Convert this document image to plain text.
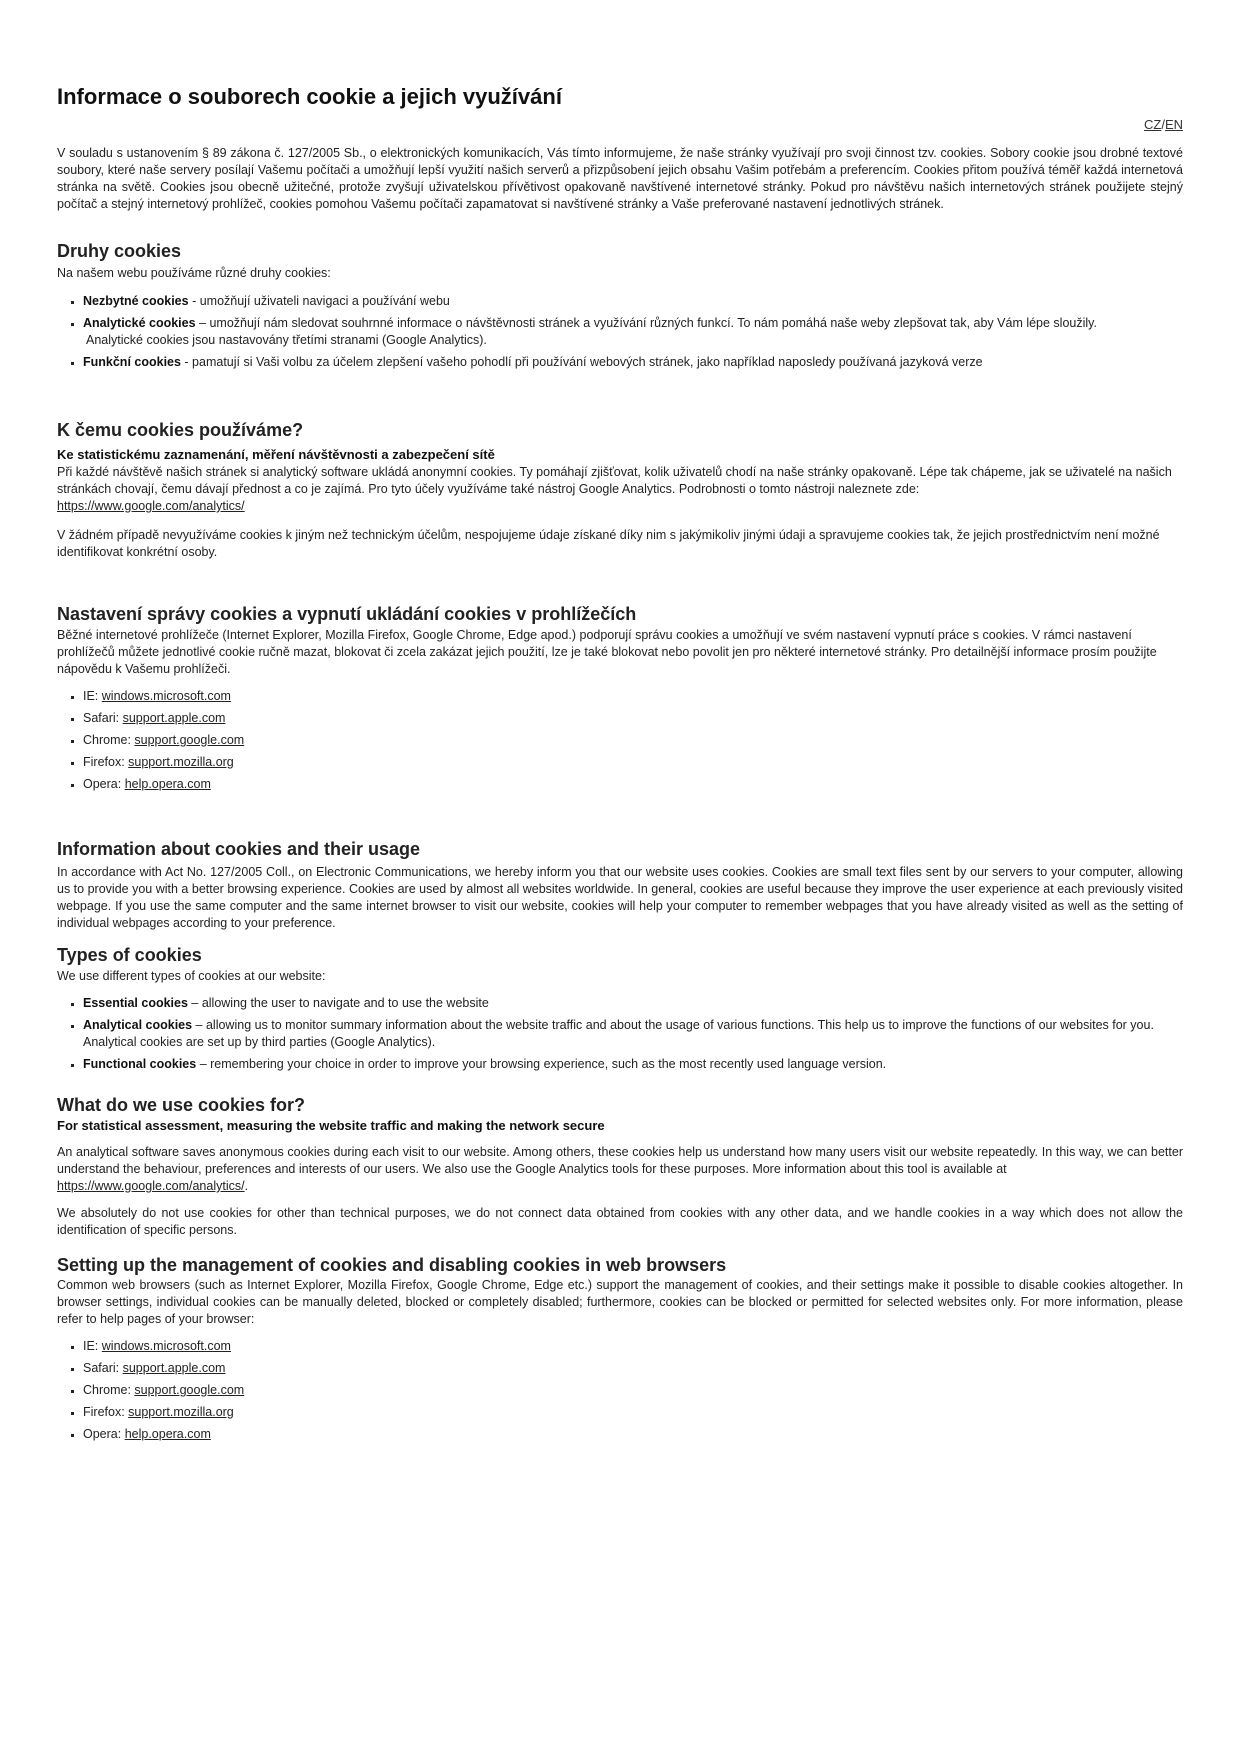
Informace o souborech cookie a jejich využívání
CZ/EN

V souladu s ustanovením § 89 zákona č. 127/2005 Sb., o elektronických komunikacích, Vás tímto informujeme, že naše stránky využívají pro svoji činnost tzv. cookies. Sobory cookie jsou drobné textové soubory, které naše servery posílají Vašemu počítači a umožňují lepší využití našich serverů a přizpůsobení jejich obsahu Vašim potřebám a preferencím. Cookies přitom používá téměř každá internetová stránka na světě. Cookies jsou obecně užitečné, protože zvyšují uživatelskou přívětivost opakovaně navštívené internetové stránky. Pokud pro návštěvu našich internetových stránek použijete stejný počítač a stejný internetový prohlížeč, cookies pomohou Vašemu počítači zapamatovat si navštívené stránky a Vaše preferované nastavení jednotlivých stránek.

Druhy cookies

Na našem webu používáme různé druhy cookies:

▪ Nezbytné cookies - umožňují uživateli navigaci a používání webu
▪ Analytické cookies – umožňují nám sledovat souhrnné informace o návštěvnosti stránek a využívání různých funkcí. To nám pomáhá naše weby zlepšovat tak, aby Vám lépe sloužily.
Analytické cookies jsou nastavovány třetími stranami (Google Analytics).
▪ Funkční cookies - pamatují si Vaši volbu za účelem zlepšení vašeho pohodlí při používání webových stránek, jako například naposledy používaná jazyková verze
K čemu cookies používáme?
Ke statistickému zaznamenání, měření návštěvnosti a zabezpečení sítě

Při každé návštěvě našich stránek si analytický software ukládá anonymní cookies. Ty pomáhají zjišťovat, kolik uživatelů chodí na naše stránky opakovaně. Lépe tak chápeme, jak se uživatelé na našich stránkách chovají, čemu dávají přednost a co je zajímá. Pro tyto účely využíváme také nástroj Google Analytics. Podrobnosti o tomto nástroji naleznete zde:
https://www.google.com/analytics/

V žádném případě nevyužíváme cookies k jiným než technickým účelům, nespojujeme údaje získané díky nim s jakýmikoliv jinými údaji a spravujeme cookies tak, že jejich prostřednictvím není možné identifikovat konkrétní osoby.

Nastavení správy cookies a vypnutí ukládání cookies v prohlížečích

Běžné internetové prohlížeče (Internet Explorer, Mozilla Firefox, Google Chrome, Edge apod.) podporují správu cookies a umožňují ve svém nastavení vypnutí práce s cookies. V rámci nastavení prohlížečů můžete jednotlivé cookie ručně mazat, blokovat či zcela zakázat jejich použití, lze je také blokovat nebo povolit jen pro některé internetové stránky. Pro detailnější informace prosím použijte nápovědu k Vašemu prohlížeči.

▪ IE: windows.microsoft.com
▪ Safari: support.apple.com
▪ Chrome: support.google.com
▪ Firefox: support.mozilla.org
▪ Opera: help.opera.com
Information about cookies and their usage

In accordance with Act No. 127/2005 Coll., on Electronic Communications, we hereby inform you that our website uses cookies. Cookies are small text files sent by our servers to your computer, allowing us to provide you with a better browsing experience. Cookies are used by almost all websites worldwide. In general, cookies are useful because they improve the user experience at each previously visited webpage. If you use the same computer and the same internet browser to visit our website, cookies will help your computer to remember webpages that you have already visited as well as the setting of individual webpages according to your preference.

Types of cookies

We use different types of cookies at our website:

▪ Essential cookies – allowing the user to navigate and to use the website
▪ Analytical cookies – allowing us to monitor summary information about the website traffic and about the usage of various functions. This help us to improve the functions of our websites for you. Analytical cookies are set up by third parties (Google Analytics).
▪ Functional cookies – remembering your choice in order to improve your browsing experience, such as the most recently used language version.
What do we use cookies for?
For statistical assessment, measuring the website traffic and making the network secure

An analytical software saves anonymous cookies during each visit to our website. Among others, these cookies help us understand how many users visit our website repeatedly. In this way, we can better understand the behaviour, preferences and interests of our users. We also use the Google Analytics tools for these purposes. More information about this tool is available at
https://www.google.com/analytics/.

We absolutely do not use cookies for other than technical purposes, we do not connect data obtained from cookies with any other data, and we handle cookies in a way which does not allow the identification of specific persons.

Setting up the management of cookies and disabling cookies in web browsers

Common web browsers (such as Internet Explorer, Mozilla Firefox, Google Chrome, Edge etc.) support the management of cookies, and their settings make it possible to disable cookies altogether. In browser settings, individual cookies can be manually deleted, blocked or completely disabled; furthermore, cookies can be blocked or permitted for selected websites only. For more information, please refer to help pages of your browser:

▪ IE: windows.microsoft.com
▪ Safari: support.apple.com
▪ Chrome: support.google.com
▪ Firefox: support.mozilla.org
▪ Opera: help.opera.com
